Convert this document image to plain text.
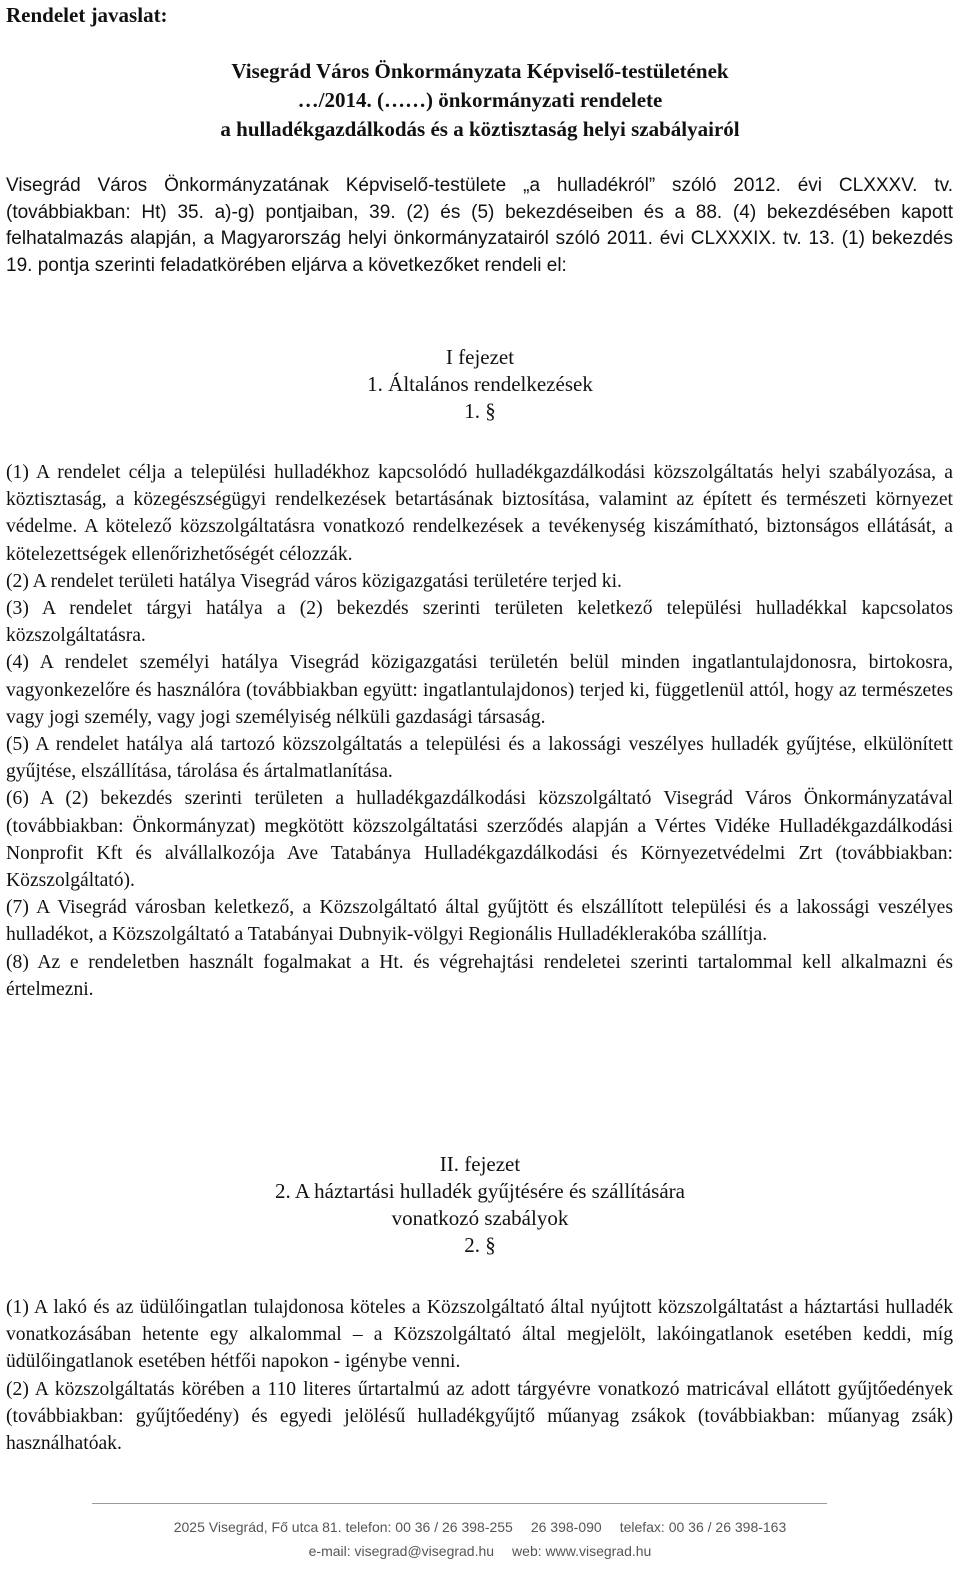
Rendelet javaslat:
Visegrád Város Önkormányzata Képviselő-testületének
…/2014. (……) önkormányzati rendelete
a hulladékgazdálkodás és a köztisztaság helyi szabályairól
Visegrád Város Önkormányzatának Képviselő-testülete „a hulladékról” szóló 2012. évi CLXXXV. tv. (továbbiakban: Ht) 35. a)-g) pontjaiban, 39. (2) és (5) bekezdéseiben és a 88. (4) bekezdésében kapott felhatalmazás alapján, a Magyarország helyi önkormányzatairól szóló 2011. évi CLXXXIX. tv. 13. (1) bekezdés 19. pontja szerinti feladatkörében eljárva a következőket rendeli el:
I fejezet
1. Általános rendelkezések
1. §

(1) A rendelet célja a települési hulladékhoz kapcsolódó hulladékgazdálkodási közszolgáltatás helyi szabályozása, a köztisztaság, a közegészségügyi rendelkezések betartásának biztosítása, valamint az épített és természeti környezet védelme. A kötelező közszolgáltatásra vonatkozó rendelkezések a tevékenység kiszámítható, biztonságos ellátását, a kötelezettségek ellenőrizhetőségét célozzák.

(2) A rendelet területi hatálya Visegrád város közigazgatási területére terjed ki.

(3) A rendelet tárgyi hatálya a (2) bekezdés szerinti területen keletkező települési hulladékkal kapcsolatos közszolgáltatásra.

(4) A rendelet személyi hatálya Visegrád közigazgatási területén belül minden ingatlantulajdonosra, birtokosra, vagyonkezelőre és használóra (továbbiakban együtt: ingatlantulajdonos) terjed ki, függetlenül attól, hogy az természetes vagy jogi személy, vagy jogi személyiség nélküli gazdasági társaság.

(5) A rendelet hatálya alá tartozó közszolgáltatás a települési és a lakossági veszélyes hulladék gyűjtése, elkülönített gyűjtése, elszállítása, tárolása és ártalmatlanítása.

(6) A (2) bekezdés szerinti területen a hulladékgazdálkodási közszolgáltató Visegrád Város Önkormányzatával (továbbiakban: Önkormányzat) megkötött közszolgáltatási szerződés alapján a Vértes Vidéke Hulladékgazdálkodási Nonprofit Kft és alvállalkozója Ave Tatabánya Hulladékgazdálkodási és Környezetvédelmi Zrt (továbbiakban: Közszolgáltató).

(7) A Visegrád városban keletkező, a Közszolgáltató által gyűjtött és elszállított települési és a lakossági veszélyes hulladékot, a Közszolgáltató a Tatabányai Dubnyik-völgyi Regionális Hulladéklerakóba szállítja.

(8) Az e rendeletben használt fogalmakat a Ht. és végrehajtási rendeletei szerinti tartalommal kell alkalmazni és értelmezni.

II. fejezet
2. A háztartási hulladék gyűjtésére és szállítására
vonatkozó szabályok
2. §

(1) A lakó és az üdülőingatlan tulajdonosa köteles a Közszolgáltató által nyújtott közszolgáltatást a háztartási hulladék vonatkozásában hetente egy alkalommal – a Közszolgáltató által megjelölt, lakóingatlanok esetében keddi, míg üdülőingatlanok esetében hétfői napokon - igénybe venni.

(2) A közszolgáltatás körében a 110 literes űrtartalmú az adott tárgyévre vonatkozó matricával ellátott gyűjtőedények (továbbiakban: gyűjtőedény) és egyedi jelölésű hulladékgyűjtő műanyag zsákok (továbbiakban: műanyag zsák) használhatóak.

2025 Visegrád, Fő utca 81. telefon: 00 36 / 26 398-255 26 398-090 telefax: 00 36 / 26 398-163
e-mail: visegrad@visegrad.hu web: www.visegrad.hu
